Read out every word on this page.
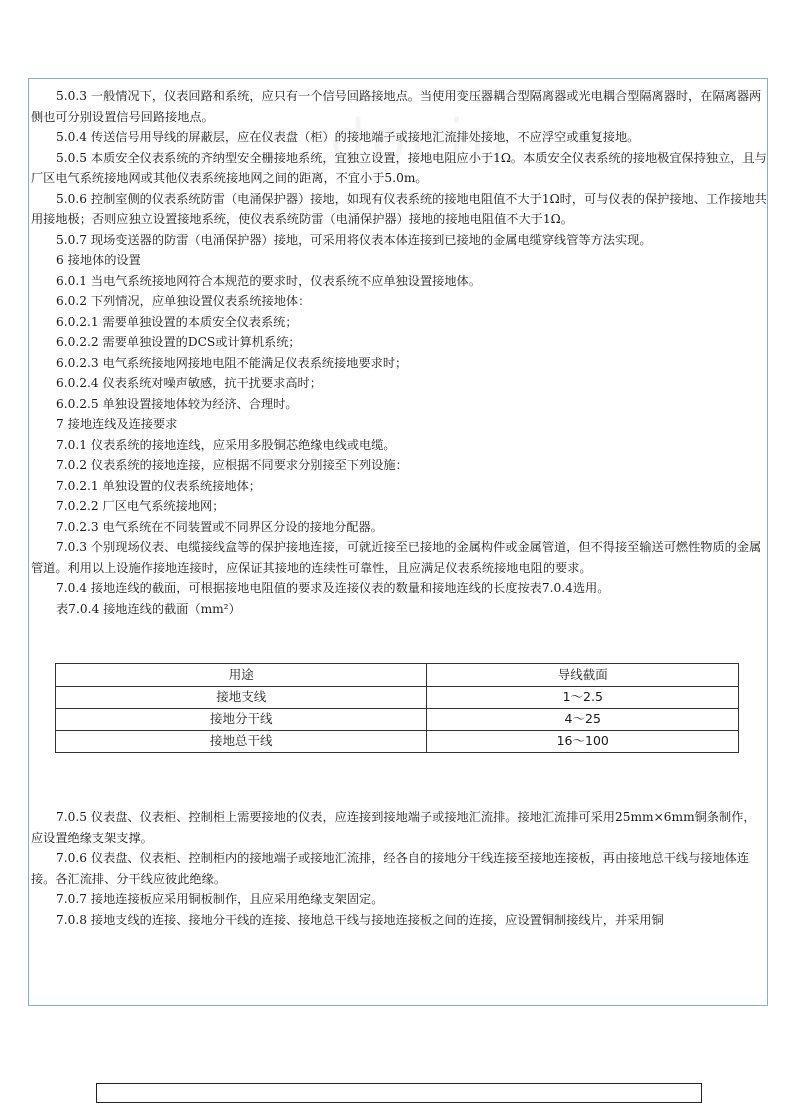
5.0.3 一般情况下，仪表回路和系统，应只有一个信号回路接地点。当使用变压器耦合型隔离器或光电耦合型隔离器时，在隔离器两侧也可分别设置信号回路接地点。

5.0.4 传送信号用导线的屏蔽层，应在仪表盘（柜）的接地端子或接地汇流排处接地，不应浮空或重复接地。

5.0.5 本质安全仪表系统的齐纳型安全栅接地系统，宜独立设置，接地电阻应小于1Ω。本质安全仪表系统的接地极宜保持独立，且与厂区电气系统接地网或其他仪表系统接地网之间的距离，不宜小于5.0m。

5.0.6 控制室侧的仪表系统防雷（电涌保护器）接地，如现有仪表系统的接地电阻值不大于1Ω时，可与仪表的保护接地、工作接地共用接地极；否则应独立设置接地系统，使仪表系统防雷（电涌保护器）接地的接地电阻值不大于1Ω。

5.0.7 现场变送器的防雷（电涌保护器）接地，可采用将仪表本体连接到已接地的金属电缆穿线管等方法实现。

6 接地体的设置

6.0.1 当电气系统接地网符合本规范的要求时，仪表系统不应单独设置接地体。

6.0.2 下列情况，应单独设置仪表系统接地体：

6.0.2.1 需要单独设置的本质安全仪表系统；

6.0.2.2 需要单独设置的DCS或计算机系统；

6.0.2.3 电气系统接地网接地电阻不能满足仪表系统接地要求时；

6.0.2.4 仪表系统对噪声敏感，抗干扰要求高时；

6.0.2.5 单独设置接地体较为经济、合理时。

7 接地连线及连接要求

7.0.1 仪表系统的接地连线，应采用多股铜芯绝缘电线或电缆。

7.0.2 仪表系统的接地连接，应根据不同要求分别接至下列设施：

7.0.2.1 单独设置的仪表系统接地体；

7.0.2.2 厂区电气系统接地网；

7.0.2.3 电气系统在不同装置或不同界区分设的接地分配器。

7.0.3 个别现场仪表、电缆接线盒等的保护接地连接，可就近接至已接地的金属构件或金属管道，但不得接至输送可燃性物质的金属管道。利用以上设施作接地连接时，应保证其接地的连续性可靠性，且应满足仪表系统接地电阻的要求。

7.0.4 接地连线的截面，可根据接地电阻值的要求及连接仪表的数量和接地连线的长度按表7.0.4选用。

表7.0.4 接地连线的截面（mm²）

用途	导线截面
接地支线	1～2.5
接地分干线	4～25
接地总干线	16～100

7.0.5 仪表盘、仪表柜、控制柜上需要接地的仪表，应连接到接地端子或接地汇流排。接地汇流排可采用25mm×6mm铜条制作，应设置绝缘支架支撑。

7.0.6 仪表盘、仪表柜、控制柜内的接地端子或接地汇流排，经各自的接地分干线连接至接地连接板，再由接地总干线与接地体连接。各汇流排、分干线应彼此绝缘。

7.0.7 接地连接板应采用铜板制作，且应采用绝缘支架固定。

7.0.8 接地支线的连接、接地分干线的连接、接地总干线与接地连接板之间的连接，应设置铜制接线片，并采用铜
